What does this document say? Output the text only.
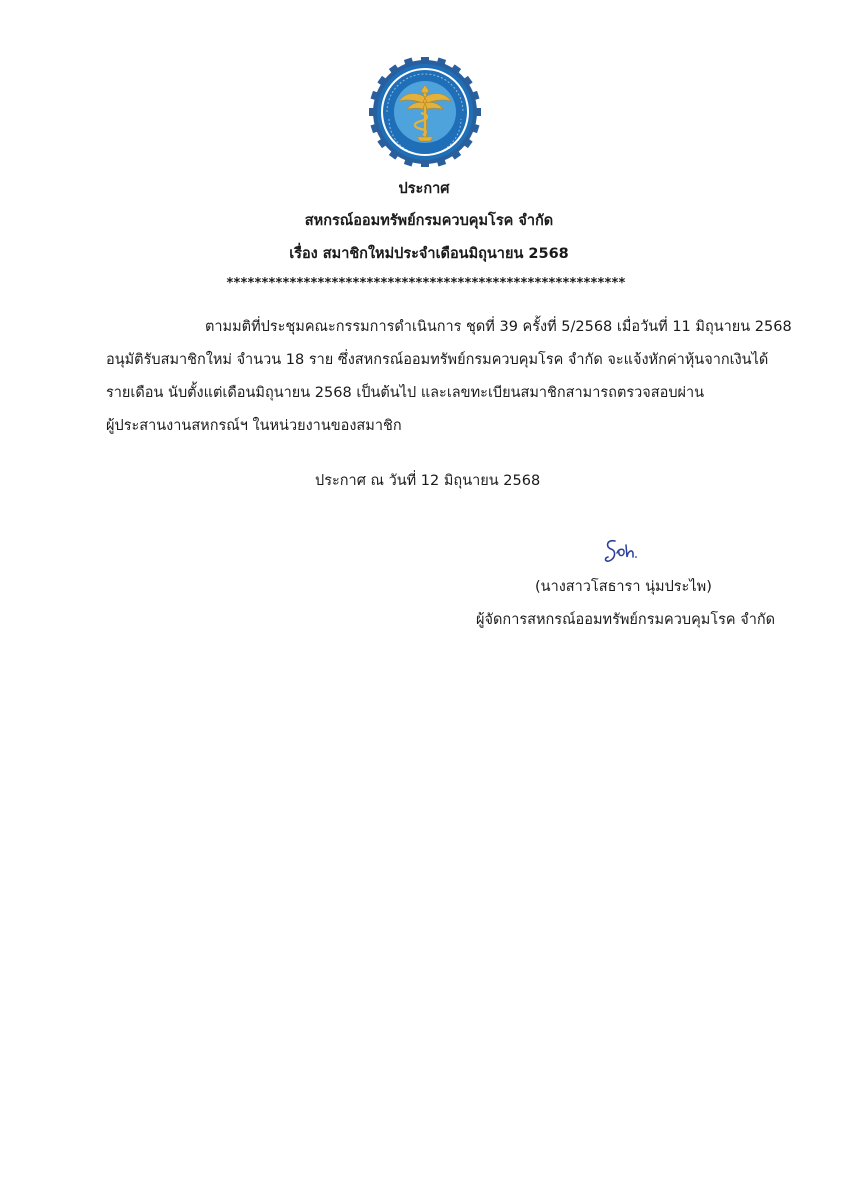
ประกาศ
สหกรณ์ออมทรัพย์กรมควบคุมโรค จำกัด
เรื่อง สมาชิกใหม่ประจำเดือนมิถุนายน 2568
*********************************************************
ตามมติที่ประชุมคณะกรรมการดำเนินการ ชุดที่ 39 ครั้งที่ 5/2568 เมื่อวันที่ 11 มิถุนายน 2568
อนุมัติรับสมาชิกใหม่ จำนวน 18 ราย ซึ่งสหกรณ์ออมทรัพย์กรมควบคุมโรค จำกัด จะแจ้งหักค่าหุ้นจากเงินได้
รายเดือน นับตั้งแต่เดือนมิถุนายน 2568 เป็นต้นไป และเลขทะเบียนสมาชิกสามารถตรวจสอบผ่าน
ผู้ประสานงานสหกรณ์ฯ ในหน่วยงานของสมาชิก
ประกาศ ณ วันที่ 12 มิถุนายน 2568
(นางสาวโสธารา นุ่มประไพ)
ผู้จัดการสหกรณ์ออมทรัพย์กรมควบคุมโรค จำกัด
